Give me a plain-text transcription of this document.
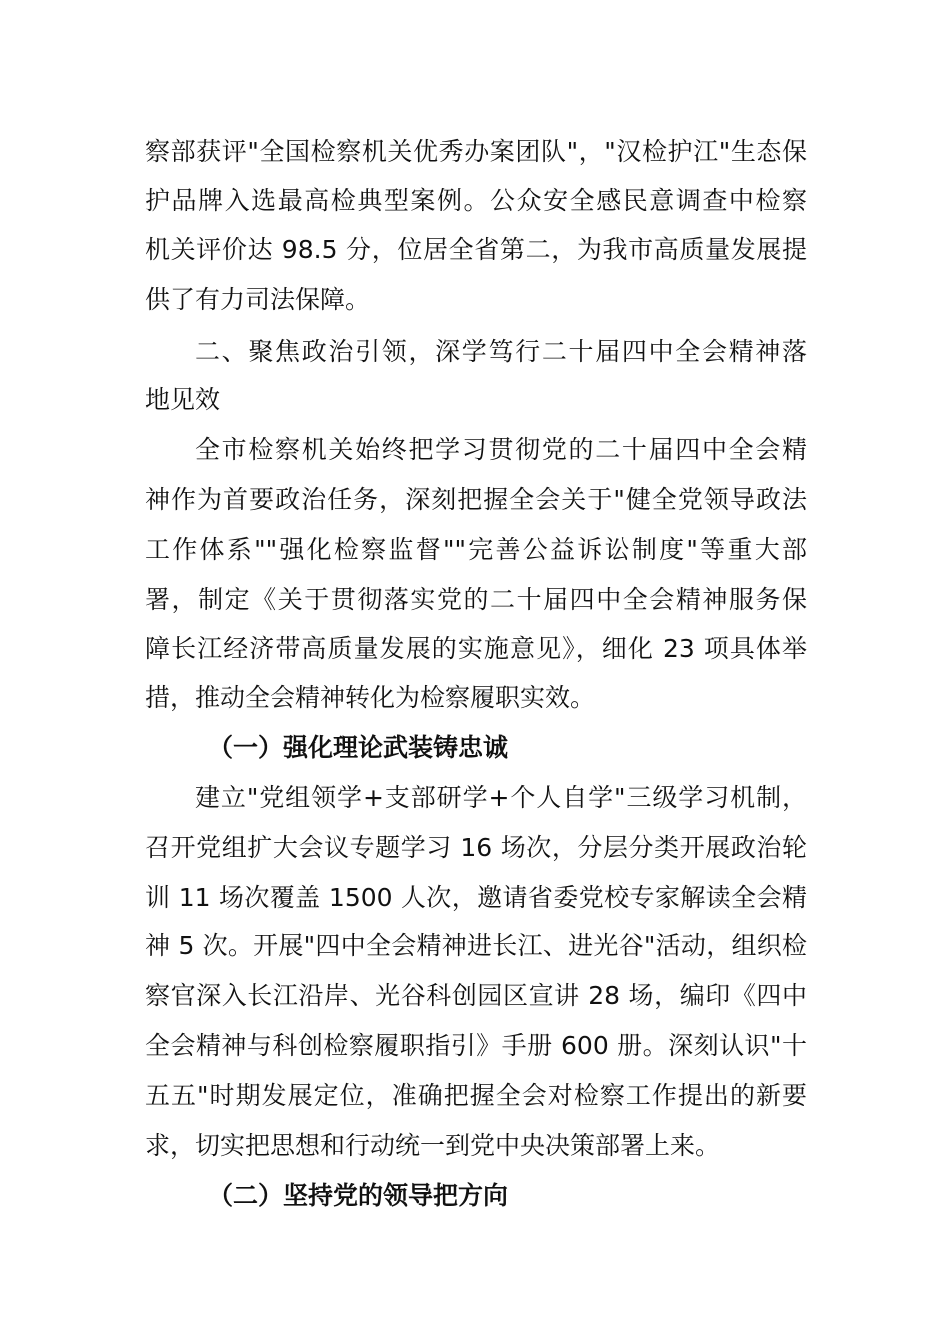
察部获评"全国检察机关优秀办案团队"，"汉检护江"生态保
护品牌入选最高检典型案例。公众安全感民意调查中检察
机关评价达 98.5 分，位居全省第二，为我市高质量发展提
供了有力司法保障。
二、聚焦政治引领，深学笃行二十届四中全会精神落
地见效
全市检察机关始终把学习贯彻党的二十届四中全会精
神作为首要政治任务，深刻把握全会关于"健全党领导政法
工作体系""强化检察监督""完善公益诉讼制度"等重大部
署，制定《关于贯彻落实党的二十届四中全会精神服务保
障长江经济带高质量发展的实施意见》，细化 23 项具体举
措，推动全会精神转化为检察履职实效。
（一）强化理论武装铸忠诚
建立"党组领学+支部研学+个人自学"三级学习机制，
召开党组扩大会议专题学习 16 场次，分层分类开展政治轮
训 11 场次覆盖 1500 人次，邀请省委党校专家解读全会精
神 5 次。开展"四中全会精神进长江、进光谷"活动，组织检
察官深入长江沿岸、光谷科创园区宣讲 28 场，编印《四中
全会精神与科创检察履职指引》手册 600 册。深刻认识"十
五五"时期发展定位，准确把握全会对检察工作提出的新要
求，切实把思想和行动统一到党中央决策部署上来。
（二）坚持党的领导把方向
